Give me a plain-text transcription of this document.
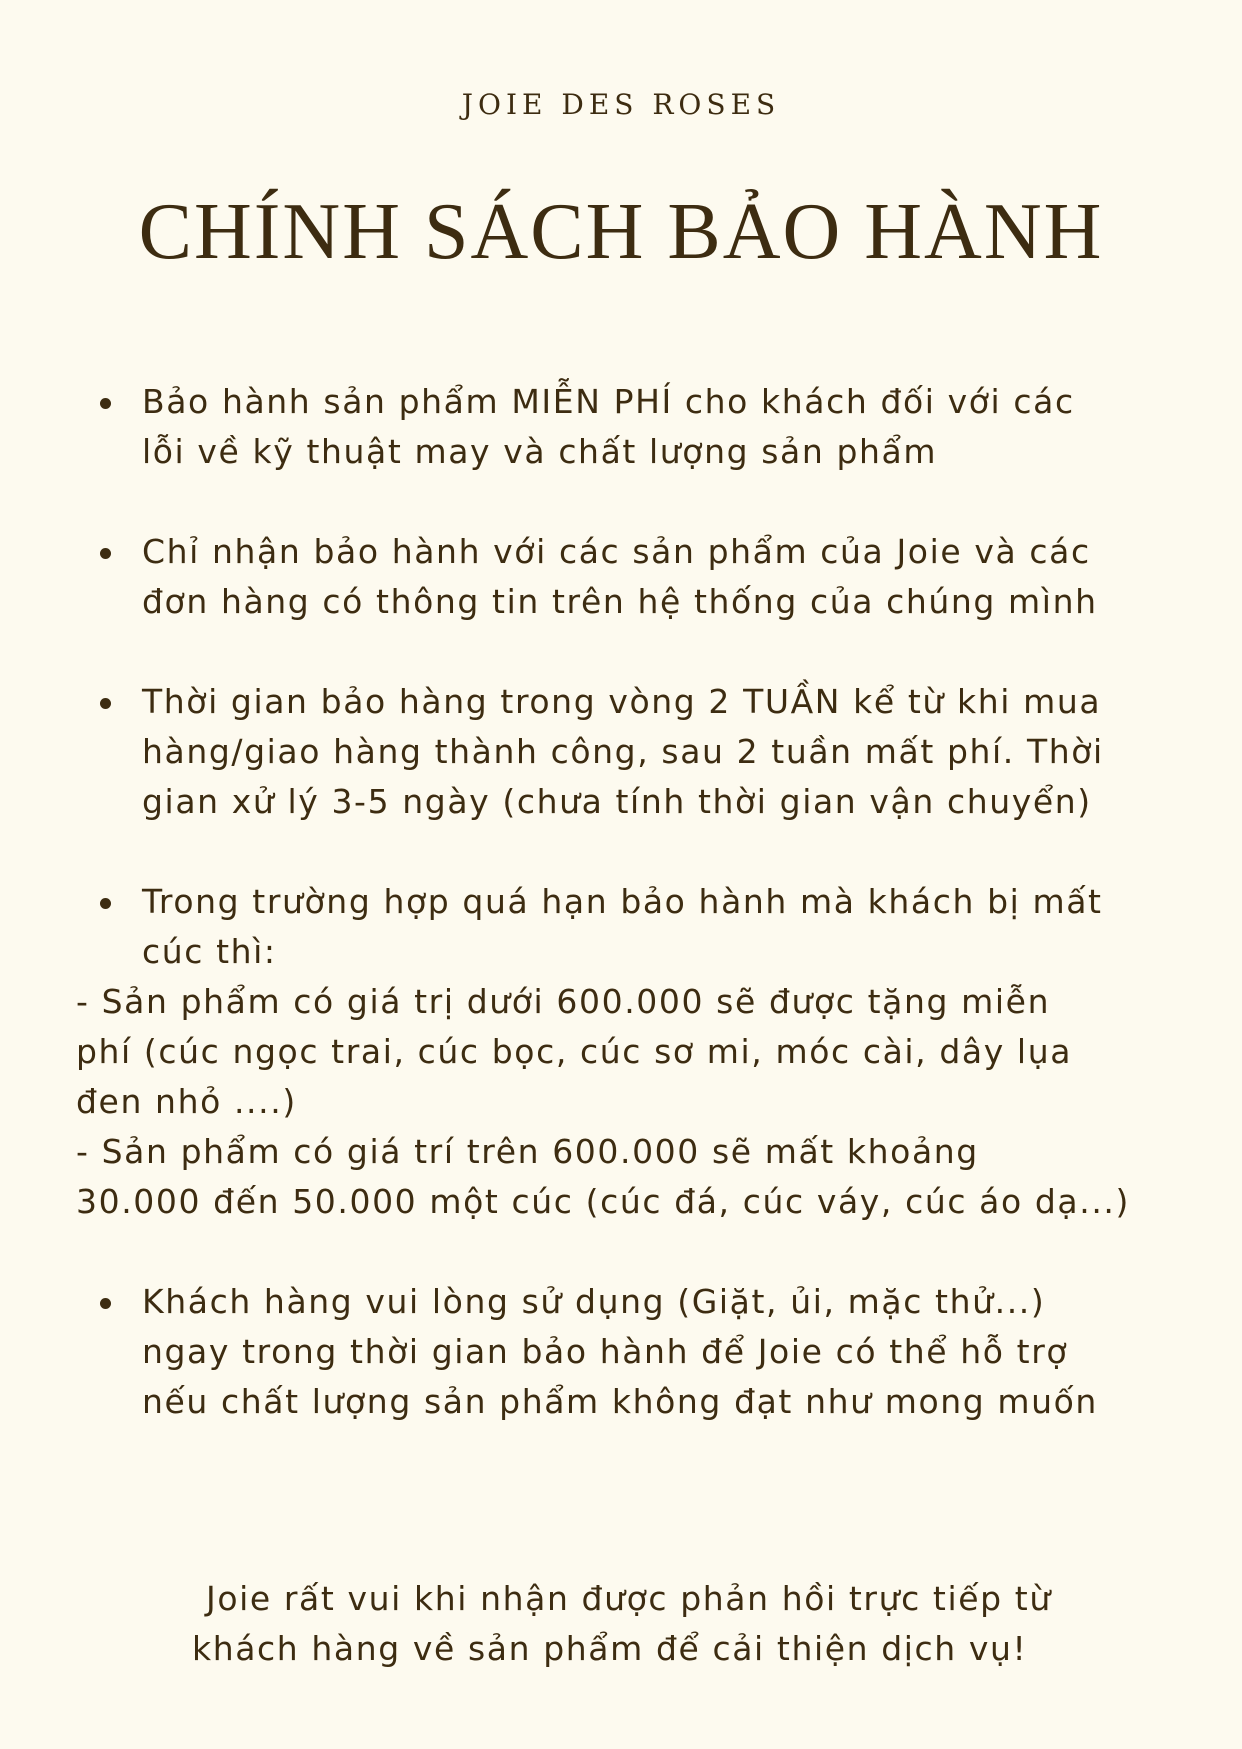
JOIE DES ROSES
CHÍNH SÁCH BẢO HÀNH
Bảo hành sản phẩm MIỄN PHÍ cho khách đối với các
lỗi về kỹ thuật may và chất lượng sản phẩm
Chỉ nhận bảo hành với các sản phẩm của Joie và các
đơn hàng có thông tin trên hệ thống của chúng mình
Thời gian bảo hàng trong vòng 2 TUẦN kể từ khi mua
hàng/giao hàng thành công, sau 2 tuần mất phí. Thời
gian xử lý 3-5 ngày (chưa tính thời gian vận chuyển)
Trong trường hợp quá hạn bảo hành mà khách bị mất
cúc thì:
- Sản phẩm có giá trị dưới 600.000 sẽ được tặng miễn
phí (cúc ngọc trai, cúc bọc, cúc sơ mi, móc cài, dây lụa
đen nhỏ ....)
- Sản phẩm có giá trí trên 600.000 sẽ mất khoảng
30.000 đến 50.000 một cúc (cúc đá, cúc váy, cúc áo dạ...)
Khách hàng vui lòng sử dụng (Giặt, ủi, mặc thử...)
ngay trong thời gian bảo hành để Joie có thể hỗ trợ
nếu chất lượng sản phẩm không đạt như mong muốn
Joie rất vui khi nhận được phản hồi trực tiếp từ
khách hàng về sản phẩm để cải thiện dịch vụ!
